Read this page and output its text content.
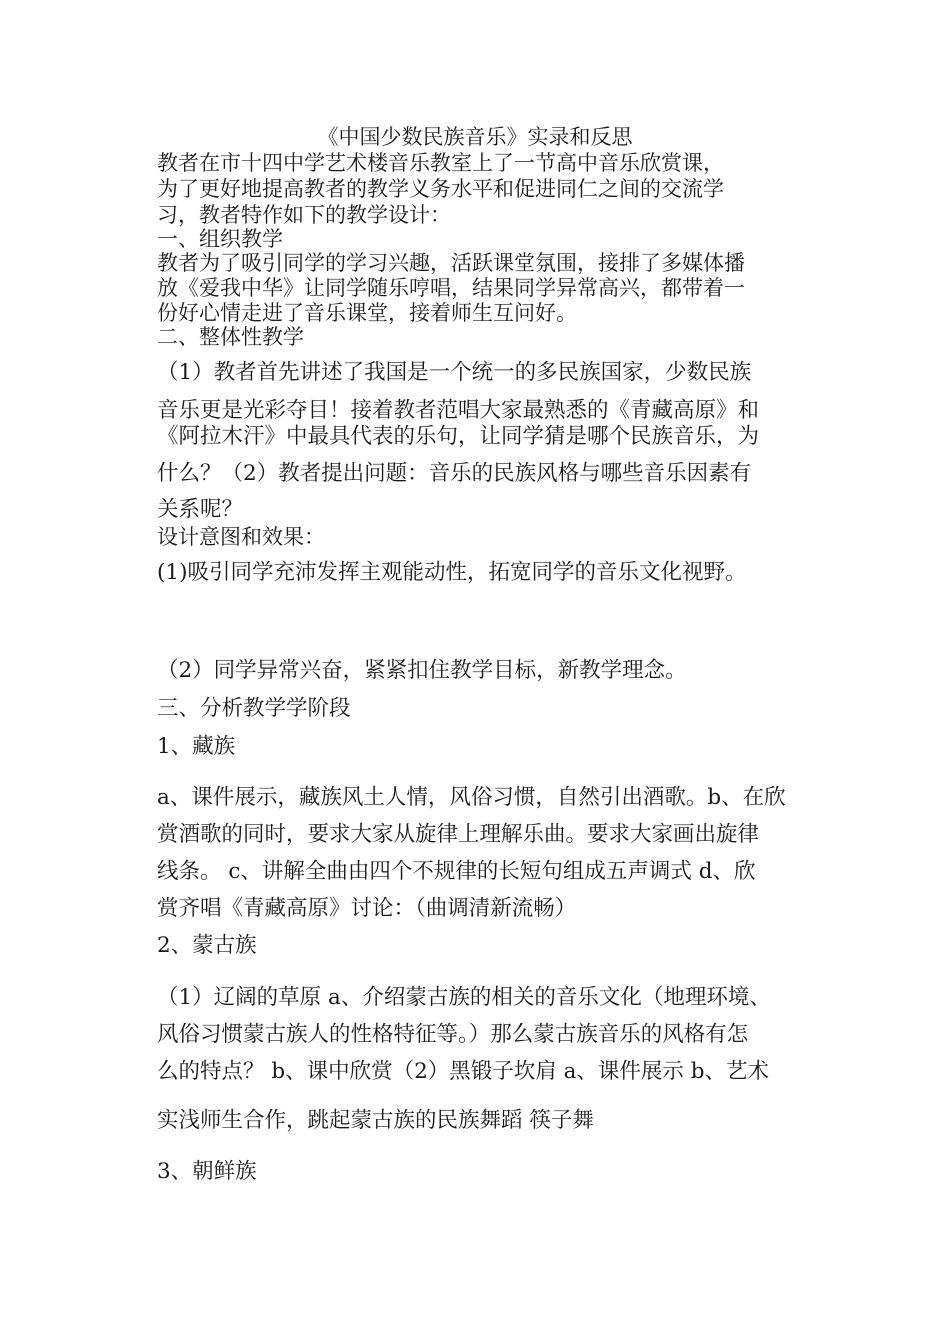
《中国少数民族音乐》实录和反思

教者在市十四中学艺术楼音乐教室上了一节高中音乐欣赏课，

为了更好地提高教者的教学义务水平和促进同仁之间的交流学

习，教者特作如下的教学设计：

一、组织教学

教者为了吸引同学的学习兴趣，活跃课堂氛围，接排了多媒体播

放《爱我中华》让同学随乐哼唱，结果同学异常高兴，都带着一

份好心情走进了音乐课堂，接着师生互问好。

二、整体性教学

（1）教者首先讲述了我国是一个统一的多民族国家，少数民族

音乐更是光彩夺目！接着教者范唱大家最熟悉的《青藏高原》和

《阿拉木汗》中最具代表的乐句，让同学猜是哪个民族音乐，为

什么？（2）教者提出问题：音乐的民族风格与哪些音乐因素有

关系呢？

设计意图和效果：

(1)吸引同学充沛发挥主观能动性，拓宽同学的音乐文化视野。

（2）同学异常兴奋，紧紧扣住教学目标，新教学理念。

三、分析教学学阶段

1、藏族

a、课件展示，藏族风土人情，风俗习惯，自然引出酒歌。b、在欣

赏酒歌的同时，要求大家从旋律上理解乐曲。要求大家画出旋律

线条。 c、讲解全曲由四个不规律的长短句组成五声调式 d、欣

赏齐唱《青藏高原》讨论：（曲调清新流畅）

2、蒙古族

（1）辽阔的草原 a、介绍蒙古族的相关的音乐文化（地理环境、

风俗习惯蒙古族人的性格特征等。）那么蒙古族音乐的风格有怎

么的特点？ b、课中欣赏（2）黑锻子坎肩 a、课件展示 b、艺术

实浅师生合作，跳起蒙古族的民族舞蹈 筷子舞

3、朝鲜族
